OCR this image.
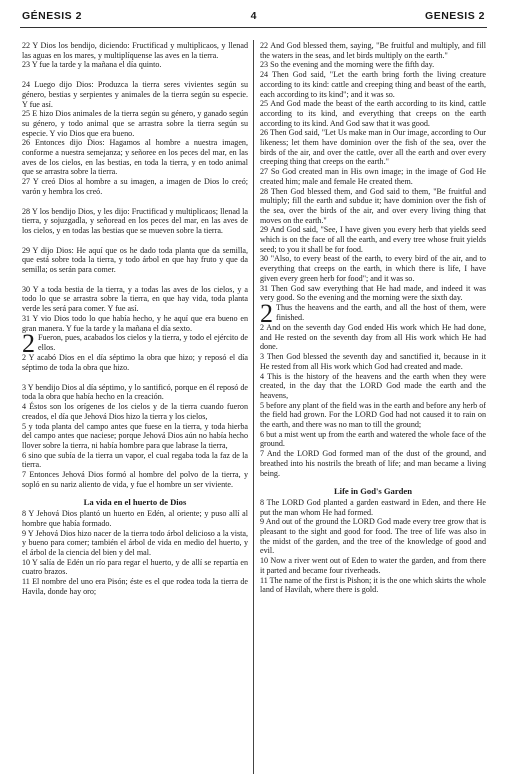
GÉNESIS 2	4	GENESIS 2

22 Y Dios los bendijo, diciendo: Fructificad y multiplicaos, y llenad las aguas en los mares, y multiplíquense las aves en la tierra.

23 Y fue la tarde y la mañana el día quinto.

24 Luego dijo Dios: Produzca la tierra seres vivientes según su género, bestias y serpientes y animales de la tierra según su especie. Y fue así.

25 E hizo Dios animales de la tierra según su género, y ganado según su género, y todo animal que se arrastra sobre la tierra según su especie. Y vio Dios que era bueno.

26 Entonces dijo Dios: Hagamos al hombre a nuestra imagen, conforme a nuestra semejanza; y señoree en los peces del mar, en las aves de los cielos, en las bestias, en toda la tierra, y en todo animal que se arrastra sobre la tierra.

27 Y creó Dios al hombre a su imagen, a imagen de Dios lo creó; varón y hembra los creó.

28 Y los bendijo Dios, y les dijo: Fructificad y multiplicaos; llenad la tierra, y sojuzgadla, y señoread en los peces del mar, en las aves de los cielos, y en todas las bestias que se mueven sobre la tierra.

29 Y dijo Dios: He aquí que os he dado toda planta que da semilla, que está sobre toda la tierra, y todo árbol en que hay fruto y que da semilla; os serán para comer.

30 Y a toda bestia de la tierra, y a todas las aves de los cielos, y a todo lo que se arrastra sobre la tierra, en que hay vida, toda planta verde les será para comer. Y fue así.

31 Y vio Dios todo lo que había hecho, y he aquí que era bueno en gran manera. Y fue la tarde y la mañana el día sexto.

2 Fueron, pues, acabados los cielos y la tierra, y todo el ejército de ellos.

2 Y acabó Dios en el día séptimo la obra que hizo; y reposó el día séptimo de toda la obra que hizo.

3 Y bendijo Dios al día séptimo, y lo santificó, porque en él reposó de toda la obra que había hecho en la creación.

4 Éstos son los orígenes de los cielos y de la tierra cuando fueron creados, el día que Jehová Dios hizo la tierra y los cielos,

5 y toda planta del campo antes que fuese en la tierra, y toda hierba del campo antes que naciese; porque Jehová Dios aún no había hecho llover sobre la tierra, ni había hombre para que labrase la tierra,

6 sino que subía de la tierra un vapor, el cual regaba toda la faz de la tierra.

7 Entonces Jehová Dios formó al hombre del polvo de la tierra, y sopló en su nariz aliento de vida, y fue el hombre un ser viviente.

La vida en el huerto de Dios

8 Y Jehová Dios plantó un huerto en Edén, al oriente; y puso allí al hombre que había formado.

9 Y Jehová Dios hizo nacer de la tierra todo árbol delicioso a la vista, y bueno para comer; también el árbol de vida en medio del huerto, y el árbol de la ciencia del bien y del mal.

10 Y salía de Edén un río para regar el huerto, y de allí se repartía en cuatro brazos.

11 El nombre del uno era Pisón; éste es el que rodea toda la tierra de Havila, donde hay oro;

22 And God blessed them, saying, "Be fruitful and multiply, and fill the waters in the seas, and let birds multiply on the earth."

23 So the evening and the morning were the fifth day.

24 Then God said, "Let the earth bring forth the living creature according to its kind: cattle and creeping thing and beast of the earth, each according to its kind"; and it was so.

25 And God made the beast of the earth according to its kind, cattle according to its kind, and everything that creeps on the earth according to its kind. And God saw that it was good.

26 Then God said, "Let Us make man in Our image, according to Our likeness; let them have dominion over the fish of the sea, over the birds of the air, and over the cattle, over all the earth and over every creeping thing that creeps on the earth."

27 So God created man in His own image; in the image of God He created him; male and female He created them.

28 Then God blessed them, and God said to them, "Be fruitful and multiply; fill the earth and subdue it; have dominion over the fish of the sea, over the birds of the air, and over every living thing that moves on the earth."

29 And God said, "See, I have given you every herb that yields seed which is on the face of all the earth, and every tree whose fruit yields seed; to you it shall be for food.

30 "Also, to every beast of the earth, to every bird of the air, and to everything that creeps on the earth, in which there is life, I have given every green herb for food"; and it was so.

31 Then God saw everything that He had made, and indeed it was very good. So the evening and the morning were the sixth day.

2 Thus the heavens and the earth, and all the host of them, were finished.

2 And on the seventh day God ended His work which He had done, and He rested on the seventh day from all His work which He had done.

3 Then God blessed the seventh day and sanctified it, because in it He rested from all His work which God had created and made.

4 This is the history of the heavens and the earth when they were created, in the day that the LORD God made the earth and the heavens,

5 before any plant of the field was in the earth and before any herb of the field had grown. For the LORD God had not caused it to rain on the earth, and there was no man to till the ground;

6 but a mist went up from the earth and watered the whole face of the ground.

7 And the LORD God formed man of the dust of the ground, and breathed into his nostrils the breath of life; and man became a living being.

Life in God's Garden

8 The LORD God planted a garden eastward in Eden, and there He put the man whom He had formed.

9 And out of the ground the LORD God made every tree grow that is pleasant to the sight and good for food. The tree of life was also in the midst of the garden, and the tree of the knowledge of good and evil.

10 Now a river went out of Eden to water the garden, and from there it parted and became four riverheads.

11 The name of the first is Pishon; it is the one which skirts the whole land of Havilah, where there is gold.
